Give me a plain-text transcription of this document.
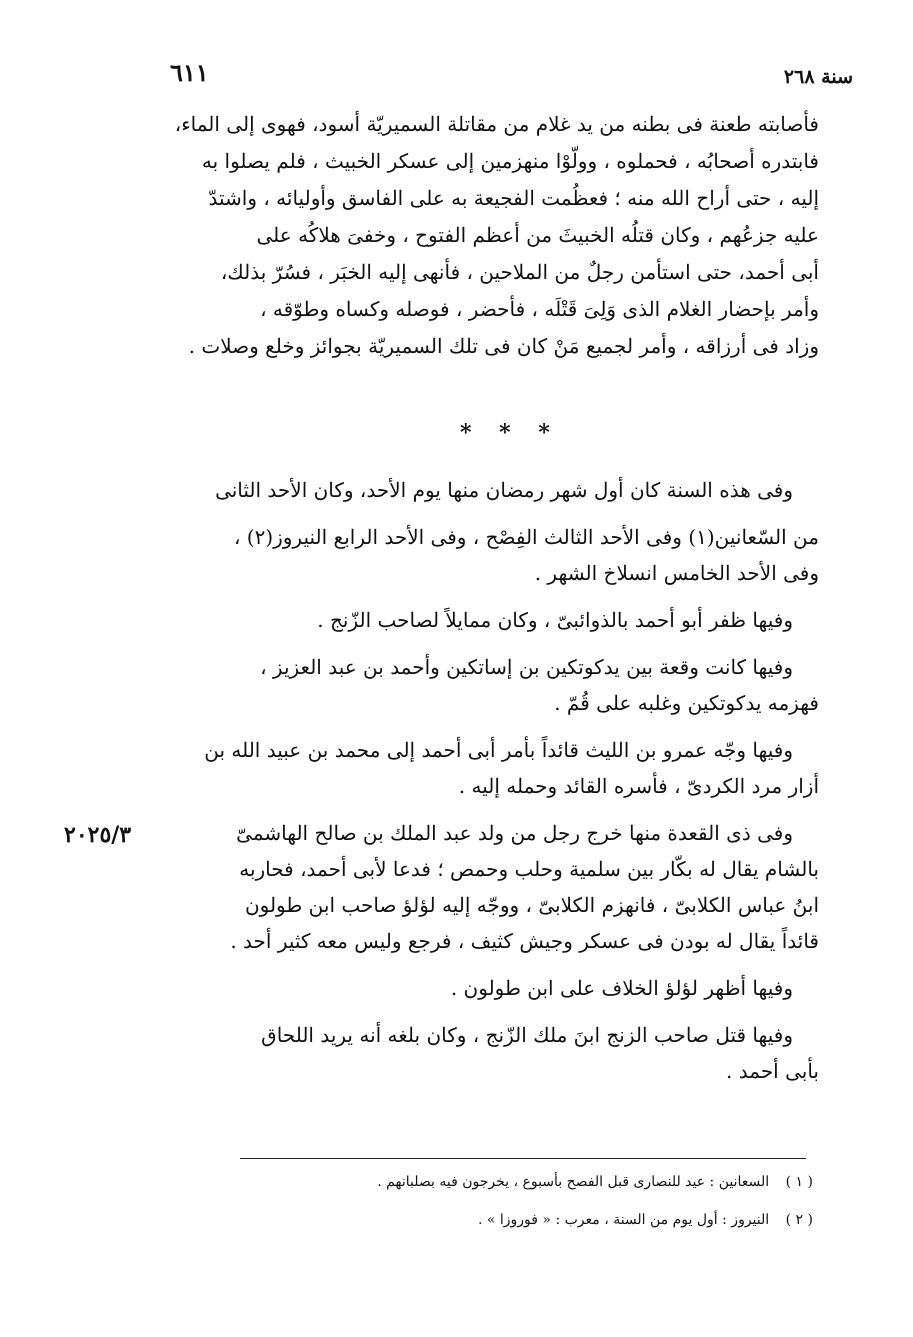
٦١١	سنة ٢٦٨

فأصابته طعنة فى بطنه من يد غلام من مقاتلة السميريّة أسود، فهوى إلى الماء،

فابتدره أصحابُه ، فحملوه ، وولّوْا منهزمين إلى عسكر الخبيث ، فلم يصلوا به

إليه ، حتى أراح الله منه ؛ فعظُمت الفجيعة به على الفاسق وأوليائه ، واشتدّ

عليه جزعُهم ، وكان قتلُه الخبيثَ من أعظم الفتوح ، وخفىَ هلاكُه على

أبى أحمد، حتى استأمن رجلٌ من الملاحين ، فأنهى إليه الخبَر ، فسُرّ بذلك،

وأمر بإحضار الغلام الذى وَلِىَ قَتْلَه ، فأحضر ، فوصله وكساه وطوّقه ،

وزاد فى أرزاقه ، وأمر لجميع مَنْ كان فى تلك السميريّة بجوائز وخلع وصلات .

* * *

وفى هذه السنة كان أول شهر رمضان منها يوم الأحد، وكان الأحد الثانى

من السّعانين(١) وفى الأحد الثالث الفِصْح ، وفى الأحد الرابع النيروز(٢) ،

وفى الأحد الخامس انسلاخ الشهر .

وفيها ظفر أبو أحمد بالذوائبىّ ، وكان ممايلاً لصاحب الزّنج .

وفيها كانت وقعة بين يدكوتكين بن إساتكين وأحمد بن عبد العزيز ،

فهزمه يدكوتكين وغلبه على قُمّ .

وفيها وجّه عمرو بن الليث قائداً بأمر أبى أحمد إلى محمد بن عبيد الله بن

أزار مرد الكردىّ ، فأسره القائد وحمله إليه .

وفى ذى القعدة منها خرج رجل من ولد عبد الملك بن صالح الهاشمىّ

بالشام يقال له بكّار بين سلمية وحلب وحمص ؛ فدعا لأبى أحمد، فحاربه

ابنُ عباس الكلابىّ ، فانهزم الكلابىّ ، ووجّه إليه لؤلؤ صاحب ابن طولون

قائداً يقال له بودن فى عسكر وجيش كثيف ، فرجع وليس معه كثير أحد .

وفيها أظهر لؤلؤ الخلاف على ابن طولون .

وفيها قتل صاحب الزنج ابنَ ملك الزّنج ، وكان بلغه أنه يريد اللحاق

بأبى أحمد .

٢٠٢٥/٣
( ١ ) السعانين : عيد للنصارى قبل الفصح بأسبوع ، يخرجون فيه بصلبانهم .
( ٢ ) النيروز : أول يوم من السنة ، معرب : « فوروزا » .
